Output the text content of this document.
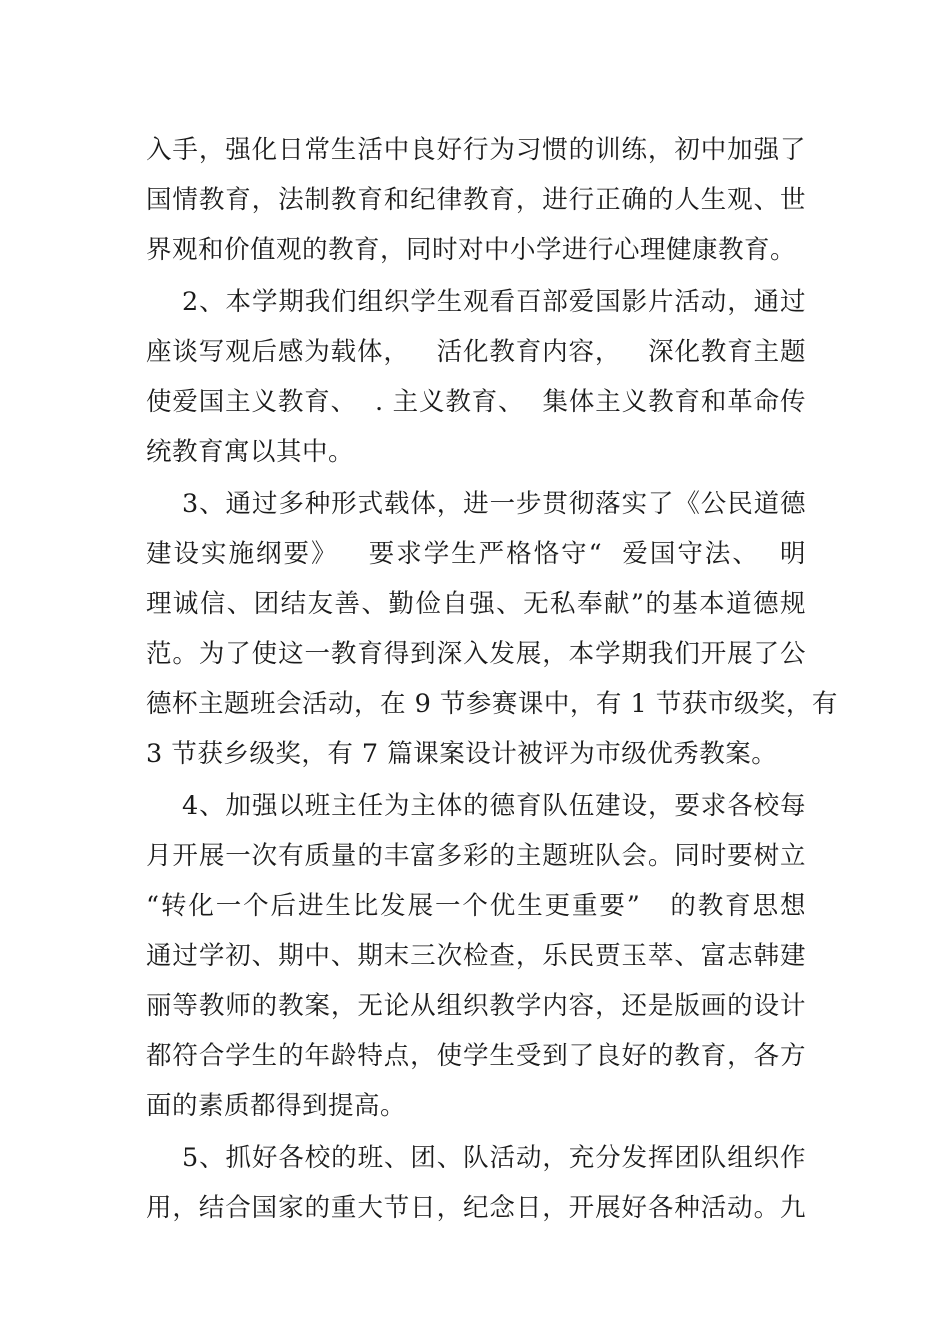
入手，强化日常生活中良好行为习惯的训练，初中加强了
国情教育，法制教育和纪律教育，进行正确的人生观、世
界观和价值观的教育，同时对中小学进行心理健康教育。
2、本学期我们组织学生观看百部爱国影片活动，通过
座谈写观后感为载体，   活化教育内容，   深化教育主题
使爱国主义教育、  . 主义教育、  集体主义教育和革命传
统教育寓以其中。
3、通过多种形式载体，进一步贯彻落实了《公民道德
建设实施纲要》   要求学生严格恪守“  爱国守法、  明
理诚信、团结友善、勤俭自强、无私奉献”的基本道德规
范。为了使这一教育得到深入发展，本学期我们开展了公
德杯主题班会活动，在 9 节参赛课中，有 1 节获市级奖，有
3 节获乡级奖，有 7 篇课案设计被评为市级优秀教案。
4、加强以班主任为主体的德育队伍建设，要求各校每
月开展一次有质量的丰富多彩的主题班队会。同时要树立
“转化一个后进生比发展一个优生更重要”   的教育思想
通过学初、期中、期末三次检查，乐民贾玉萃、富志韩建
丽等教师的教案，无论从组织教学内容，还是版画的设计
都符合学生的年龄特点，使学生受到了良好的教育，各方
面的素质都得到提高。
5、抓好各校的班、团、队活动，充分发挥团队组织作
用，结合国家的重大节日，纪念日，开展好各种活动。九
